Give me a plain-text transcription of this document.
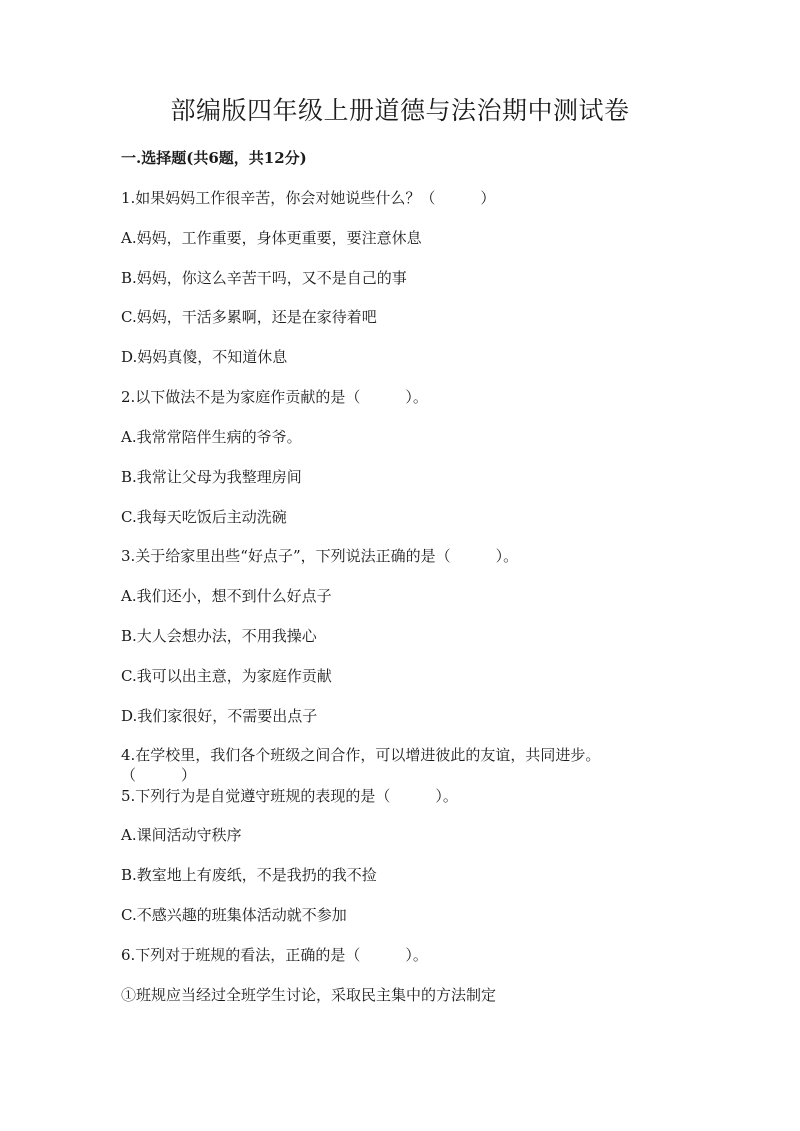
部编版四年级上册道德与法治期中测试卷
一.选择题(共6题，共12分)
1.如果妈妈工作很辛苦，你会对她说些什么？（　　　）
A.妈妈，工作重要，身体更重要，要注意休息
B.妈妈，你这么辛苦干吗，又不是自己的事
C.妈妈，干活多累啊，还是在家待着吧
D.妈妈真傻，不知道休息
2.以下做法不是为家庭作贡献的是（　　　）。
A.我常常陪伴生病的爷爷。
B.我常让父母为我整理房间
C.我每天吃饭后主动洗碗
3.关于给家里出些“好点子”，下列说法正确的是（　　　）。
A.我们还小，想不到什么好点子
B.大人会想办法，不用我操心
C.我可以出主意，为家庭作贡献
D.我们家很好，不需要出点子
4.在学校里，我们各个班级之间合作，可以增进彼此的友谊，共同进步。
（　　　）
5.下列行为是自觉遵守班规的表现的是（　　　）。
A.课间活动守秩序
B.教室地上有废纸，不是我扔的我不捡
C.不感兴趣的班集体活动就不参加
6.下列对于班规的看法，正确的是（　　　）。
①班规应当经过全班学生讨论，采取民主集中的方法制定
